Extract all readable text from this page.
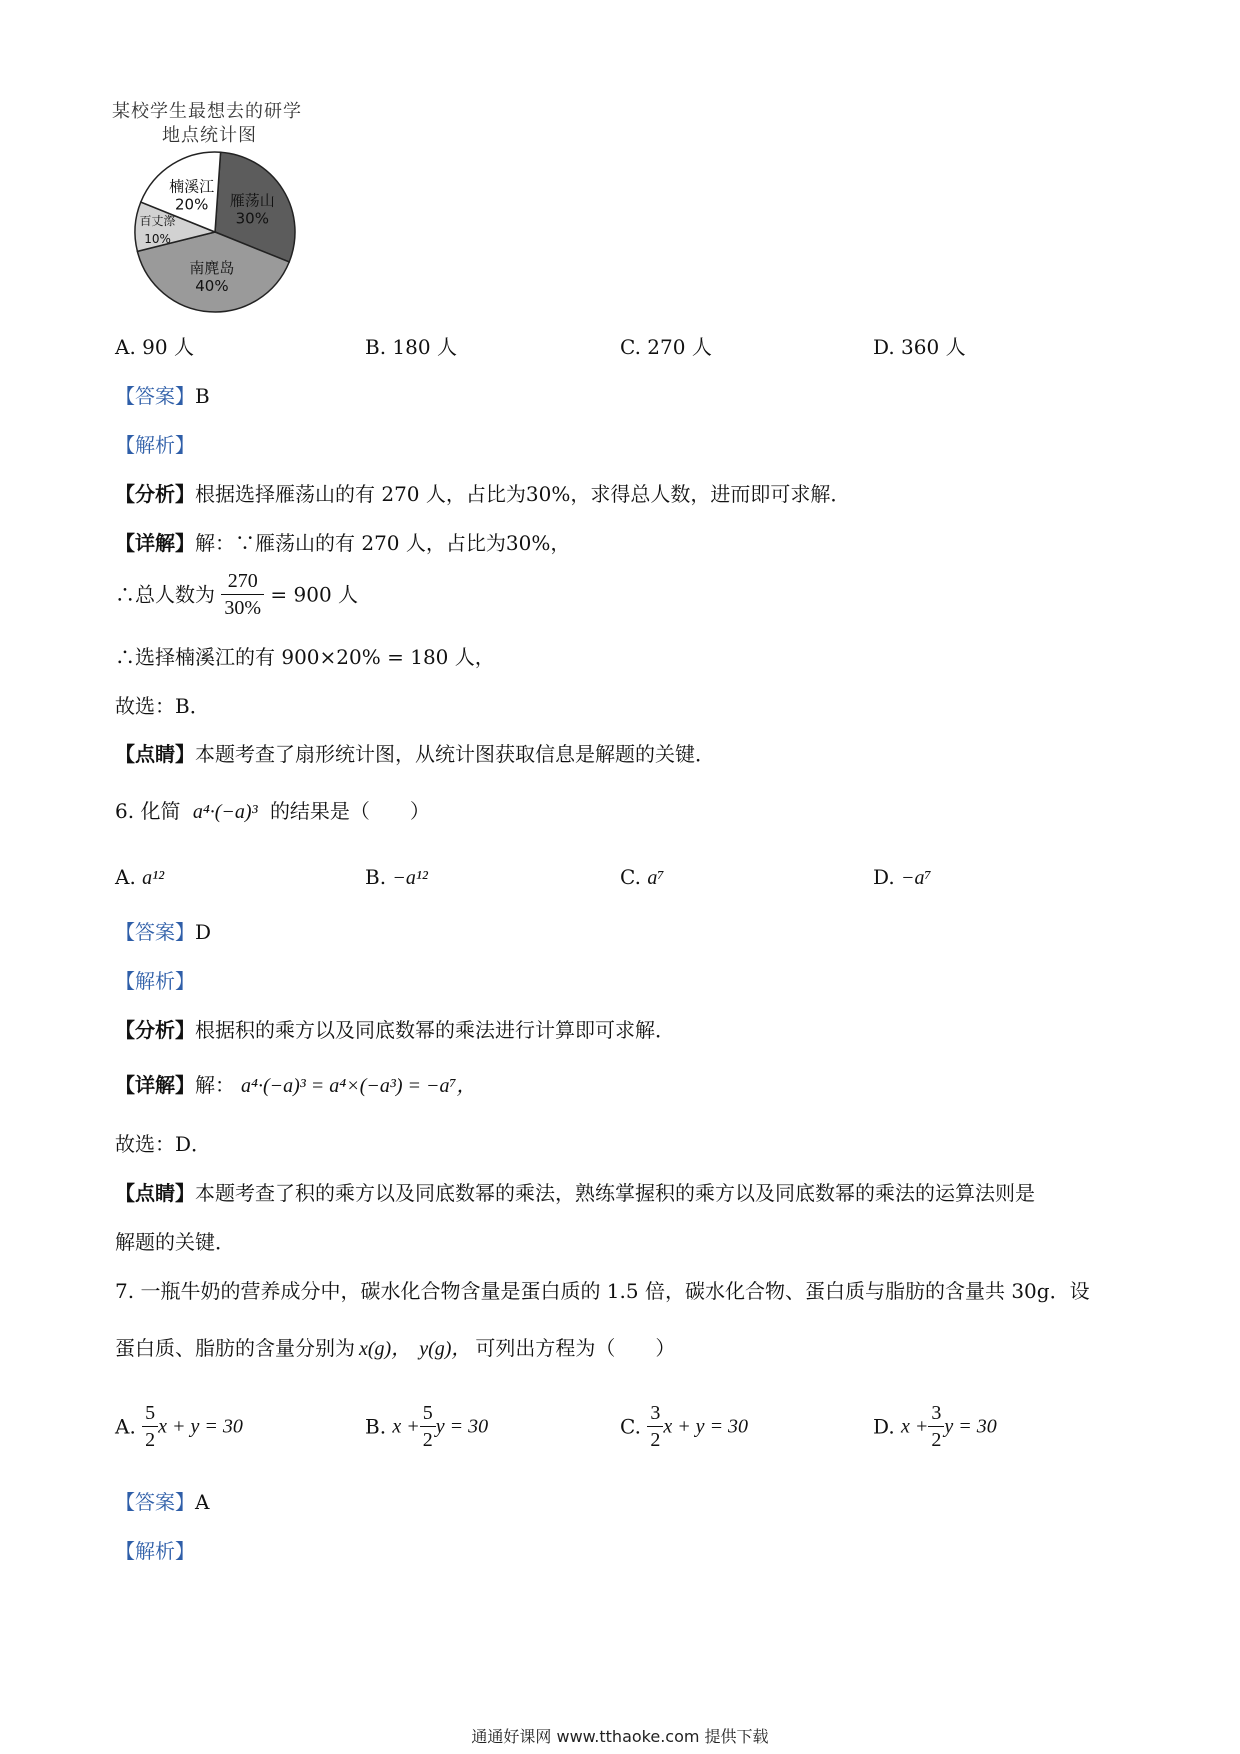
某校学生最想去的研学
地点统计图
雁荡山
30%
南麂岛
40%
百丈漈
10%
楠溪江
20%
A. 90 人	B. 180 人	C. 270 人	D. 360 人
【答案】B
【解析】
【分析】根据选择雁荡山的有 270 人，占比为30%，求得总人数，进而即可求解．
【详解】解：∵雁荡山的有 270 人，占比为30%，
∴总人数为 $\frac{270}{30\%} = 900$ 人
∴选择楠溪江的有 900×20% = 180 人，
故选：B．
【点睛】本题考查了扇形统计图，从统计图获取信息是解题的关键．
6. 化简 a⁴·(−a)³ 的结果是（　　）
A. a¹²	B. −a¹²	C. a⁷	D. −a⁷
【答案】D
【解析】
【分析】根据积的乘方以及同底数幂的乘法进行计算即可求解．
【详解】解： a⁴·(−a)³ = a⁴×(−a³) = −a⁷，
故选：D．
【点睛】本题考查了积的乘方以及同底数幂的乘法，熟练掌握积的乘方以及同底数幂的乘法的运算法则是
解题的关键．
7. 一瓶牛奶的营养成分中，碳水化合物含量是蛋白质的 1.5 倍，碳水化合物、蛋白质与脂肪的含量共 30g．设
蛋白质、脂肪的含量分别为 x(g)， y(g)， 可列出方程为（　　）
A. $\frac{5}{2}$ x + y = 30	B. $x + \frac{5}{2}$ y = 30	C. $\frac{3}{2}$ x + y = 30	D. $x + \frac{3}{2}$ y = 30
【答案】A
【解析】
通通好课网 www.tthaoke.com 提供下载
